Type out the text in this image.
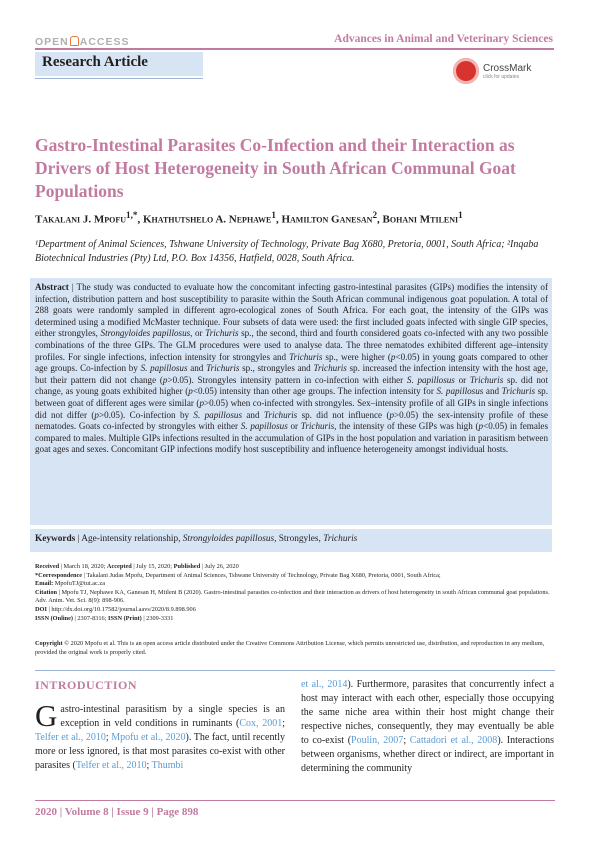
OPEN ACCESS	Advances in Animal and Veterinary Sciences
Research Article	CrossMark
click for updates
Gastro-Intestinal Parasites Co-Infection and their Interaction as Drivers of Host Heterogeneity in South African Communal Goat Populations
Takalani J. Mpofu$^{1,*}$, Khathutshelo A. Nephawe$^1$, Hamilton Ganesan$^2$, Bohani Mtileni$^1$
¹Department of Animal Sciences, Tshwane University of Technology, Private Bag X680, Pretoria, 0001, South Africa; ²Inqaba Biotechnical Industries (Pty) Ltd, P.O. Box 14356, Hatfield, 0028, South Africa.
Abstract | The study was conducted to evaluate how the concomitant infecting gastro-intestinal parasites (GIPs) modifies the intensity of infection, distribution pattern and host susceptibility to parasite within the South African communal indigenous goat population. A total of 288 goats were randomly sampled in different agro-ecological zones of South Africa. For each goat, the intensity of the GIPs was determined using a modified McMaster technique. Four subsets of data were used: the first included goats infected with single GIP species, either strongyles, Strongyloides papillosus, or Trichuris sp., the second, third and fourth considered goats co-infected with any two possible combinations of the three GIPs. The GLM procedures were used to analyse data. The three nematodes exhibited different age–intensity profiles. For single infections, infection intensity for strongyles and Trichuris sp., were higher (p<0.05) in young goats compared to other age groups. Co-infection by S. papillosus and Trichuris sp., strongyles and Trichuris sp. increased the infection intensity with the host age, but their pattern did not change (p>0.05). Strongyles intensity pattern in co-infection with either S. papillosus or Trichuris sp. did not change, as young goats exhibited higher (p<0.05) intensity than other age groups. The infection intensity for S. papillosus and Trichuris sp. between goat of different ages were similar (p>0.05) when co-infected with strongyles. Sex–intensity profile of all GIPs in single infections did not differ (p>0.05). Co-infection by S. papillosus and Trichuris sp. did not influence (p>0.05) the sex-intensity profile of these nematodes. Goats co-infected by strongyles with either S. papillosus or Trichuris, the intensity of these GIPs was high (p<0.05) in females compared to males. Multiple GIPs infections resulted in the accumulation of GIPs in the host population and variation in parasitism between goat ages and sexes. Concomitant GIP infections modify host susceptibility and influence heterogeneity amongst individual hosts.
Keywords | Age-intensity relationship, Strongyloides papillosus, Strongyles, Trichuris

Received | March 18, 2020; Accepted | July 15, 2020; Published | July 26, 2020

*Correspondence | Takalani Judas Mpofu, Department of Animal Sciences, Tshwane University of Technology, Private Bag X680, Pretoria, 0001, South Africa;

Email: MpofuTJ@tut.ac.za

Citation | Mpofu TJ, Nephawe KA, Ganesan H, Mtileni B (2020). Gastro-intestinal parasites co-infection and their interaction as drivers of host heterogeneity in south African communal goat populations. Adv. Anim. Vet. Sci. 8(9): 898-906.

DOI | http://dx.doi.org/10.17582/journal.aavs/2020/8.9.898.906

ISSN (Online) | 2307-8316; ISSN (Print) | 2309-3331

Copyright © 2020 Mpofu et al. This is an open access article distributed under the Creative Commons Attribution License, which permits unrestricted use, distribution, and reproduction in any medium, provided the original work is properly cited.
INTRODUCTION
Gastro-intestinal parasitism by a single species is an exception in veld conditions in ruminants (Cox, 2001; Telfer et al., 2010; Mpofu et al., 2020). The fact, until recently more or less ignored, is that most parasites co-exist with other parasites (Telfer et al., 2010; Thumbi
et al., 2014). Furthermore, parasites that concurrently infect a host may interact with each other, especially those occupying the same niche area within their host might change their respective niches, consequently, they may eventually be able to co-exist (Poulin, 2007; Cattadori et al., 2008). Interactions between organisms, whether direct or indirect, are important in determining the community
2020 | Volume 8 | Issue 9 | Page 898
